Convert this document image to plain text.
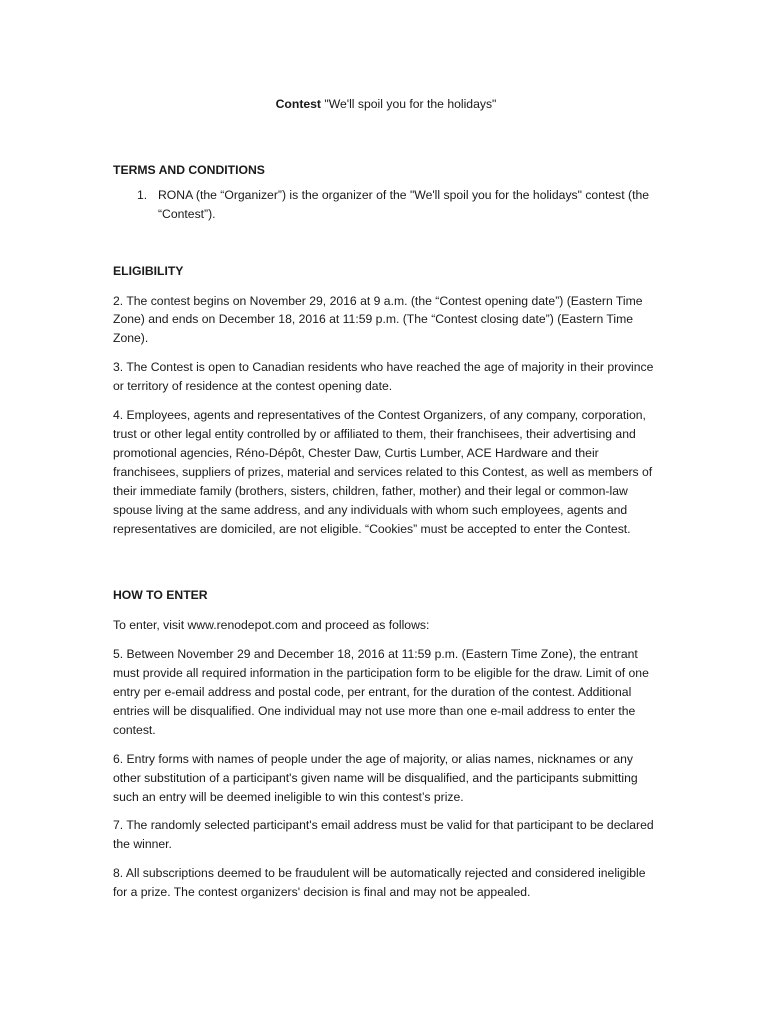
Contest "We'll spoil you for the holidays"
TERMS AND CONDITIONS
1. RONA (the “Organizer”) is the organizer of the "We'll spoil you for the holidays" contest (the “Contest”).
ELIGIBILITY
2. The contest begins on November 29, 2016 at 9 a.m. (the “Contest opening date”) (Eastern Time Zone) and ends on December 18, 2016 at 11:59 p.m. (The “Contest closing date”) (Eastern Time Zone).
3. The Contest is open to Canadian residents who have reached the age of majority in their province or territory of residence at the contest opening date.
4. Employees, agents and representatives of the Contest Organizers, of any company, corporation, trust or other legal entity controlled by or affiliated to them, their franchisees, their advertising and promotional agencies, Réno-Dépôt, Chester Daw, Curtis Lumber, ACE Hardware and their franchisees, suppliers of prizes, material and services related to this Contest, as well as members of their immediate family (brothers, sisters, children, father, mother) and their legal or common-law spouse living at the same address, and any individuals with whom such employees, agents and representatives are domiciled, are not eligible. “Cookies” must be accepted to enter the Contest.
HOW TO ENTER
To enter, visit www.renodepot.com and proceed as follows:
5. Between November 29 and December 18, 2016 at 11:59 p.m. (Eastern Time Zone), the entrant must provide all required information in the participation form to be eligible for the draw. Limit of one entry per e-email address and postal code, per entrant, for the duration of the contest. Additional entries will be disqualified. One individual may not use more than one e-mail address to enter the contest.
6. Entry forms with names of people under the age of majority, or alias names, nicknames or any other substitution of a participant's given name will be disqualified, and the participants submitting such an entry will be deemed ineligible to win this contest’s prize.
7. The randomly selected participant's email address must be valid for that participant to be declared the winner.
8. All subscriptions deemed to be fraudulent will be automatically rejected and considered ineligible for a prize. The contest organizers' decision is final and may not be appealed.
